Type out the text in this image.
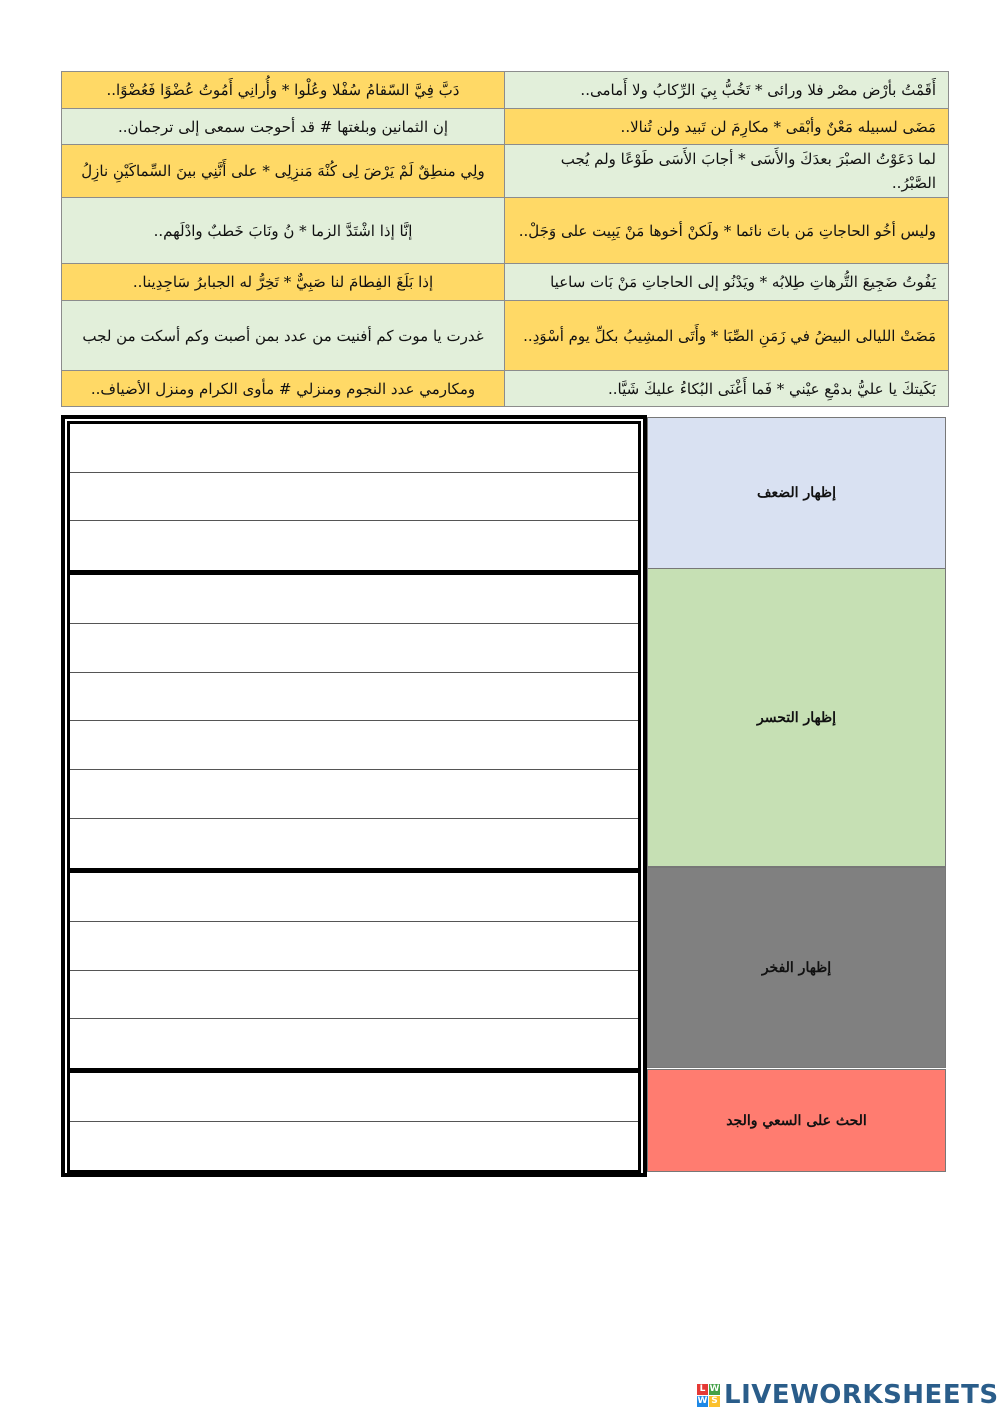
أَقَمْتُ بأرْض مصْر فلا ورائى * تَخُبُّ بِيَ الرِّكابُ ولا أَمامى..	دَبَّ فِيَّ السّقامُ سُفْلا وعُلْوا * وأُرانِي أَمُوتُ عُضْوًا فَعُضْوًا..
مَضَى لسبيله مَعْنٌ وأبْقى * مكارِمَ لن تَبيد ولن تُنالا..	إن الثمانين وبلغتها # قد أحوجت سمعى إلى ترجمان..
لما دَعَوْتُ الصبْرَ بعدَكَ والأَسَى * أجابَ الأَسَى طَوْعًا ولم يُجب الصَّبْرُ..	ولِي منطِقٌ لَمْ يَرْضَ لِى كُنْهَ مَنزِلِى * على أَنَّنِي بينَ السِّماكَيْنِ نازِلُ
وليس أخُو الحاجاتِ مَن باتَ نائما * ولَكنْ أخوها مَنْ يَبِيت على وَجَلْ..	إنَّا إذا اشْتَدَّ الزما * نُ ونَابَ خَطبٌ وادْلَهم..
يَفُوتُ ضَجِيعَ التُّرهاتِ طِلابُه * ويَدْنُو إلى الحاجاتِ مَنْ بَات ساعيا	إذا بَلَغَ الفِطامَ لنا صَبِيٌّ * تَخِرُّ له الجبابرُ سَاجِدِينا..
مَضَتْ الليالى البيضُ في زَمَنِ الصِّبَا * وأَتَى المشِيبُ بكلِّ يوم أسْوَدِ..	غدرت يا موت كم أفنيت من عدد بمن أصبت وكم أسكت من لجب
بَكَيتكَ يا عليُّ بدمْعِ عيْني * فَما أَغْنَى البُكاءُ عليكَ شَيَّا..	ومكارمي عدد النجوم ومنزلي # مأوى الكرام ومنزل الأضياف..
L W
W S LIVEWORKSHEETS
إظهار الضعف
إظهار التحسر
إظهار الفخر
الحث على السعي والجد
